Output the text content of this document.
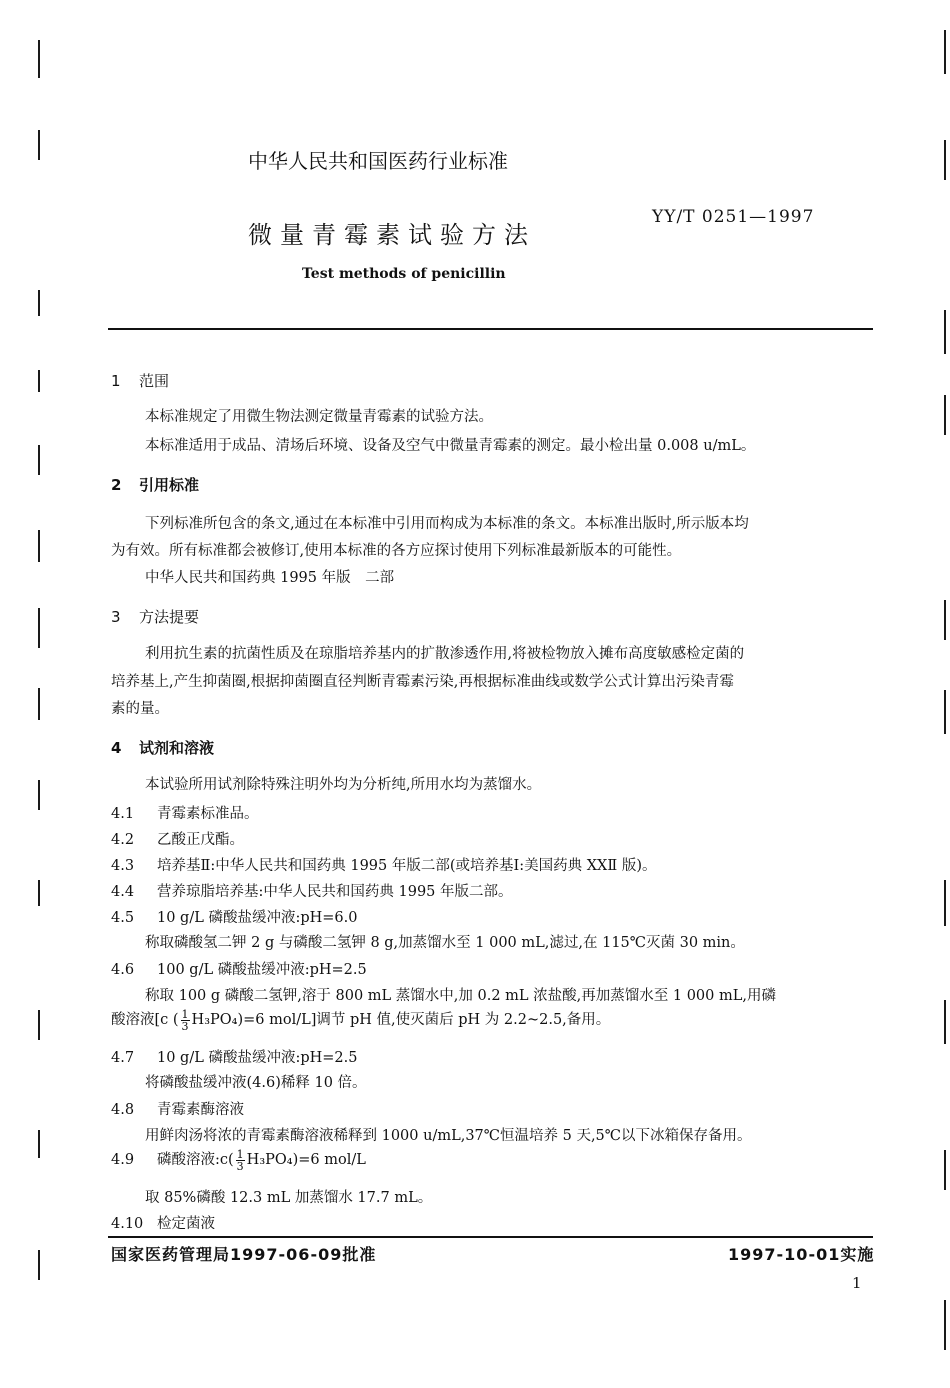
中华人民共和国医药行业标准
微量青霉素试验方法
YY/T 0251—1997
Test methods of penicillin
1 范围
本标准规定了用微生物法测定微量青霉素的试验方法。
本标准适用于成品、清场后环境、设备及空气中微量青霉素的测定。最小检出量 0.008 u/mL。
2 引用标准
下列标准所包含的条文,通过在本标准中引用而构成为本标准的条文。本标准出版时,所示版本均
为有效。所有标准都会被修订,使用本标准的各方应探讨使用下列标准最新版本的可能性。
中华人民共和国药典 1995 年版　二部
3 方法提要
利用抗生素的抗菌性质及在琼脂培养基内的扩散渗透作用,将被检物放入摊布高度敏感检定菌的
培养基上,产生抑菌圈,根据抑菌圈直径判断青霉素污染,再根据标准曲线或数学公式计算出污染青霉
素的量。
4 试剂和溶液
本试验所用试剂除特殊注明外均为分析纯,所用水均为蒸馏水。
4.1 青霉素标准品。
4.2 乙酸正戊酯。
4.3 培养基Ⅱ:中华人民共和国药典 1995 年版二部(或培养基Ⅰ:美国药典 XXⅡ 版)。
4.4 营养琼脂培养基:中华人民共和国药典 1995 年版二部。
4.5 10 g/L 磷酸盐缓冲液:pH=6.0
称取磷酸氢二钾 2 g 与磷酸二氢钾 8 g,加蒸馏水至 1 000 mL,滤过,在 115℃灭菌 30 min。
4.6 100 g/L 磷酸盐缓冲液:pH=2.5
称取 100 g 磷酸二氢钾,溶于 800 mL 蒸馏水中,加 0.2 mL 浓盐酸,再加蒸馏水至 1 000 mL,用磷
酸溶液[c ( $\frac{1}{3} H_3PO_4)=6$ mol/L]调节 pH 值,使灭菌后 pH 为 2.2~2.5,备用。
4.7 10 g/L 磷酸盐缓冲液:pH=2.5
将磷酸盐缓冲液(4.6)稀释 10 倍。
4.8 青霉素酶溶液
用鲜肉汤将浓的青霉素酶溶液稀释到 1000 u/mL,37℃恒温培养 5 天,5℃以下冰箱保存备用。
4.9 磷酸溶液:c( $\frac{1}{3} H_3PO_4)=6$ mol/L
取 85%磷酸 12.3 mL 加蒸馏水 17.7 mL。
4.10 检定菌液
国家医药管理局1997-06-09批准	1997-10-01实施
1
